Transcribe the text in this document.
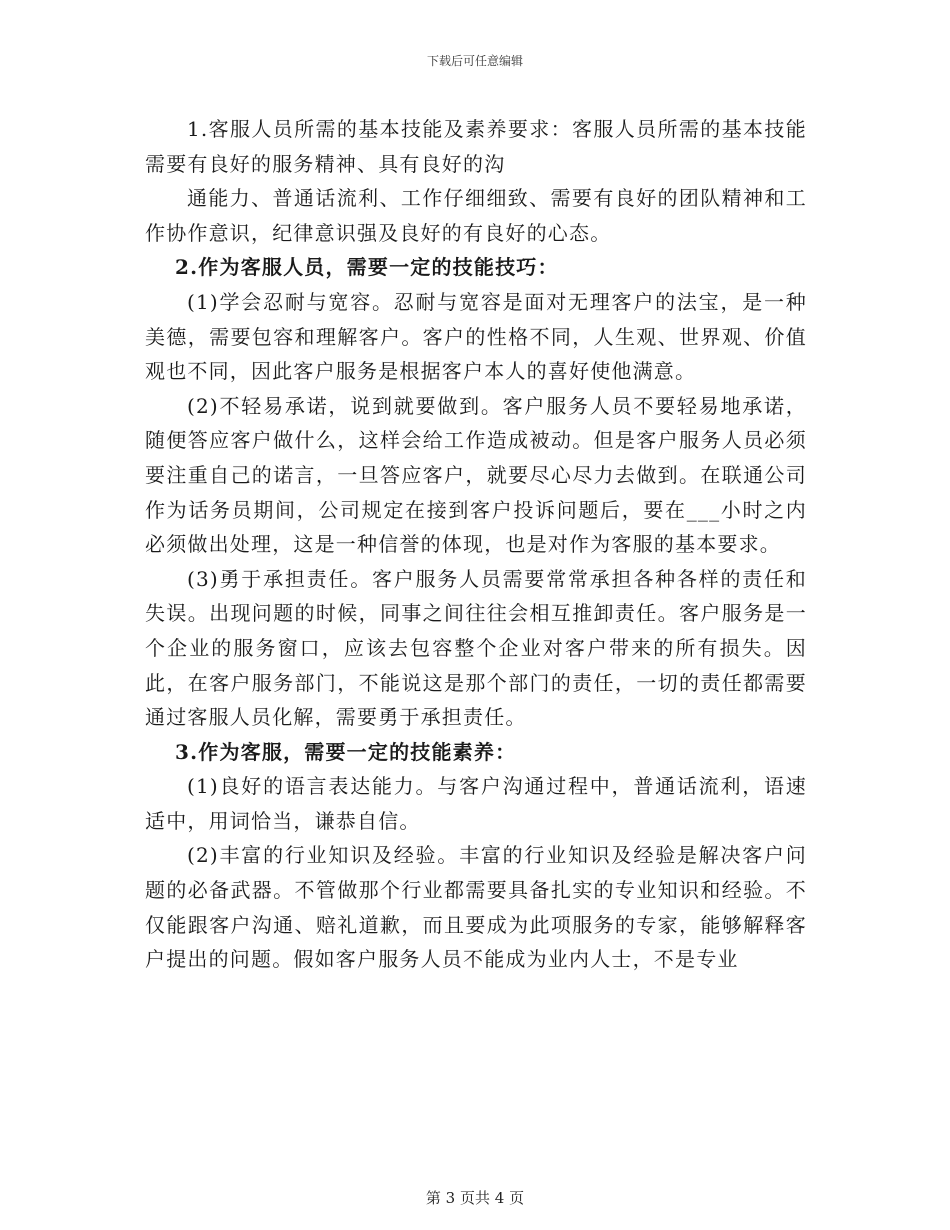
下载后可任意编辑

1.客服人员所需的基本技能及素养要求：客服人员所需的基本技能需要有良好的服务精神、具有良好的沟

通能力、普通话流利、工作仔细细致、需要有良好的团队精神和工作协作意识，纪律意识强及良好的有良好的心态。

2.作为客服人员，需要一定的技能技巧：

(1)学会忍耐与宽容。忍耐与宽容是面对无理客户的法宝，是一种美德，需要包容和理解客户。客户的性格不同，人生观、世界观、价值观也不同，因此客户服务是根据客户本人的喜好使他满意。

(2)不轻易承诺，说到就要做到。客户服务人员不要轻易地承诺，随便答应客户做什么，这样会给工作造成被动。但是客户服务人员必须要注重自己的诺言，一旦答应客户，就要尽心尽力去做到。在联通公司作为话务员期间，公司规定在接到客户投诉问题后，要在___小时之内必须做出处理，这是一种信誉的体现，也是对作为客服的基本要求。

(3)勇于承担责任。客户服务人员需要常常承担各种各样的责任和失误。出现问题的时候，同事之间往往会相互推卸责任。客户服务是一个企业的服务窗口，应该去包容整个企业对客户带来的所有损失。因此，在客户服务部门，不能说这是那个部门的责任，一切的责任都需要通过客服人员化解，需要勇于承担责任。

3.作为客服，需要一定的技能素养：

(1)良好的语言表达能力。与客户沟通过程中，普通话流利，语速适中，用词恰当，谦恭自信。

(2)丰富的行业知识及经验。丰富的行业知识及经验是解决客户问题的必备武器。不管做那个行业都需要具备扎实的专业知识和经验。不仅能跟客户沟通、赔礼道歉，而且要成为此项服务的专家，能够解释客户提出的问题。假如客户服务人员不能成为业内人士，不是专业

第 3 页共 4 页
